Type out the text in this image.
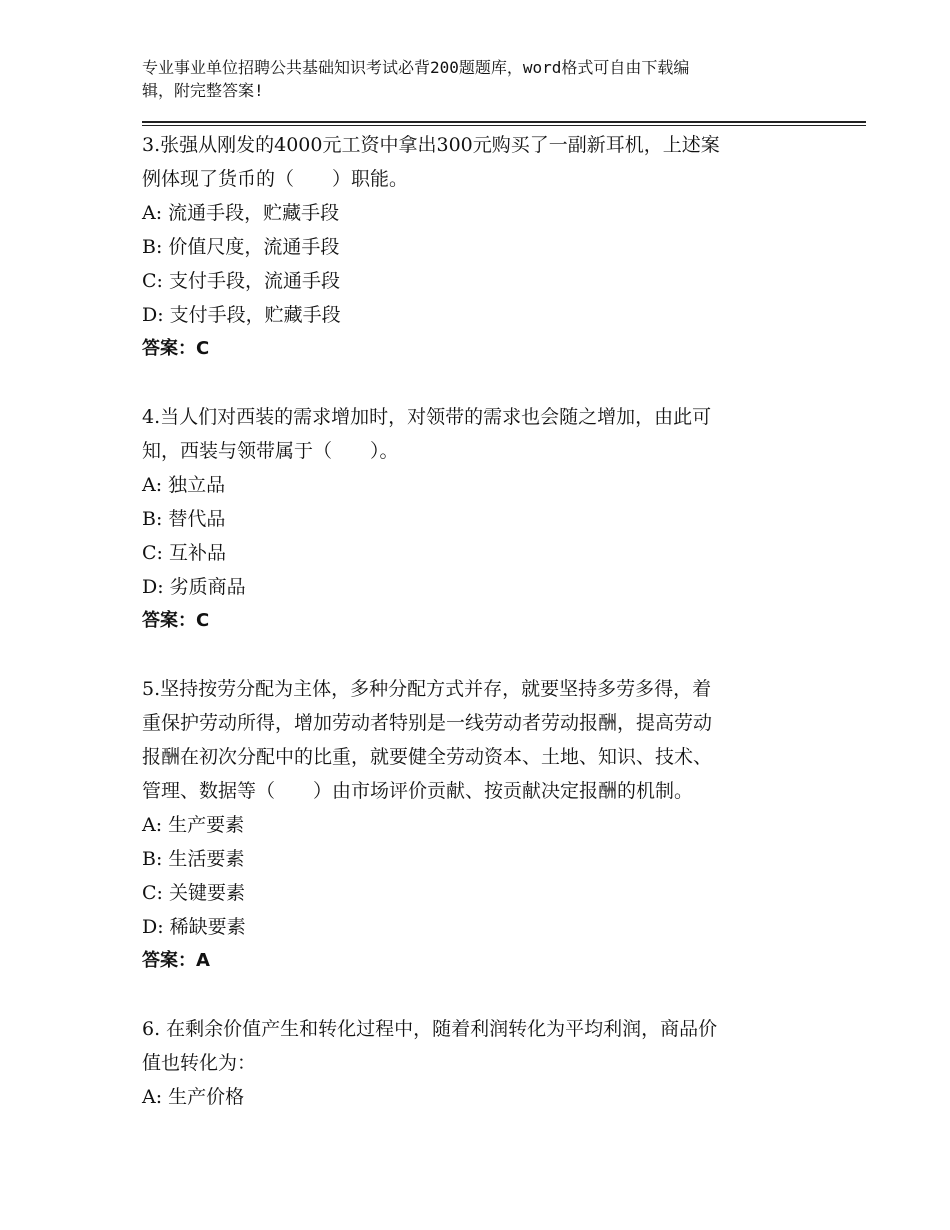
专业事业单位招聘公共基础知识考试必背200题题库，word格式可自由下载编
辑，附完整答案!
3.张强从刚发的4000元工资中拿出300元购买了一副新耳机，上述案
例体现了货币的（　　）职能。
A: 流通手段，贮藏手段
B: 价值尺度，流通手段
C: 支付手段，流通手段
D: 支付手段，贮藏手段
答案：C
4.当人们对西装的需求增加时，对领带的需求也会随之增加，由此可
知，西装与领带属于（　　）。
A: 独立品
B: 替代品
C: 互补品
D: 劣质商品
答案：C
5.坚持按劳分配为主体，多种分配方式并存，就要坚持多劳多得，着
重保护劳动所得，增加劳动者特别是一线劳动者劳动报酬，提高劳动
报酬在初次分配中的比重，就要健全劳动资本、土地、知识、技术、
管理、数据等（　　）由市场评价贡献、按贡献决定报酬的机制。
A: 生产要素
B: 生活要素
C: 关键要素
D: 稀缺要素
答案：A
6. 在剩余价值产生和转化过程中，随着利润转化为平均利润，商品价
值也转化为：
A: 生产价格
